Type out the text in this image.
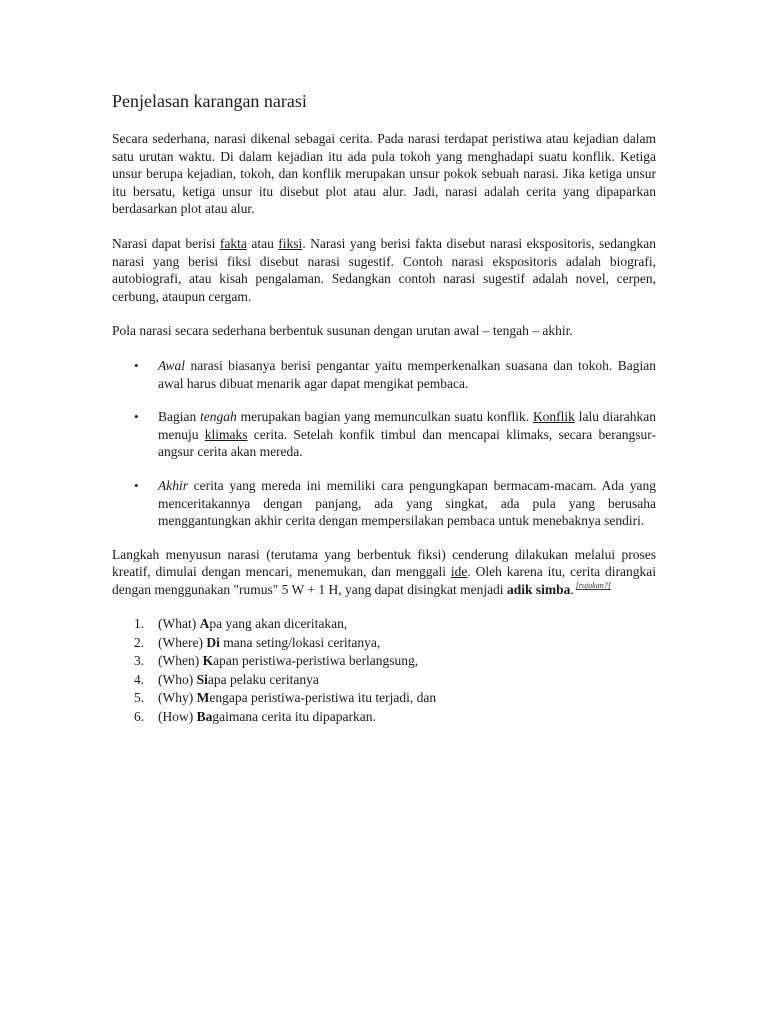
Penjelasan karangan narasi

Secara sederhana, narasi dikenal sebagai cerita. Pada narasi terdapat peristiwa atau kejadian dalam satu urutan waktu. Di dalam kejadian itu ada pula tokoh yang menghadapi suatu konflik. Ketiga unsur berupa kejadian, tokoh, dan konflik merupakan unsur pokok sebuah narasi. Jika ketiga unsur itu bersatu, ketiga unsur itu disebut plot atau alur. Jadi, narasi adalah cerita yang dipaparkan berdasarkan plot atau alur.

Narasi dapat berisi fakta atau fiksi. Narasi yang berisi fakta disebut narasi ekspositoris, sedangkan narasi yang berisi fiksi disebut narasi sugestif. Contoh narasi ekspositoris adalah biografi, autobiografi, atau kisah pengalaman. Sedangkan contoh narasi sugestif adalah novel, cerpen, cerbung, ataupun cergam.

Pola narasi secara sederhana berbentuk susunan dengan urutan awal – tengah – akhir.

• Awal narasi biasanya berisi pengantar yaitu memperkenalkan suasana dan tokoh. Bagian awal harus dibuat menarik agar dapat mengikat pembaca.
• Bagian tengah merupakan bagian yang memunculkan suatu konflik. Konflik lalu diarahkan menuju klimaks cerita. Setelah konfik timbul dan mencapai klimaks, secara berangsur-angsur cerita akan mereda.
• Akhir cerita yang mereda ini memiliki cara pengungkapan bermacam-macam. Ada yang menceritakannya dengan panjang, ada yang singkat, ada pula yang berusaha menggantungkan akhir cerita dengan mempersilakan pembaca untuk menebaknya sendiri.

Langkah menyusun narasi (terutama yang berbentuk fiksi) cenderung dilakukan melalui proses kreatif, dimulai dengan mencari, menemukan, dan menggali ide. Oleh karena itu, cerita dirangkai dengan menggunakan "rumus" 5 W + 1 H, yang dapat disingkat menjadi adik simba. [rujukan?]

1. (What) Apa yang akan diceritakan,
2. (Where) Di mana seting/lokasi ceritanya,
3. (When) Kapan peristiwa-peristiwa berlangsung,
4. (Who) Siapa pelaku ceritanya
5. (Why) Mengapa peristiwa-peristiwa itu terjadi, dan
6. (How) Bagaimana cerita itu dipaparkan.
